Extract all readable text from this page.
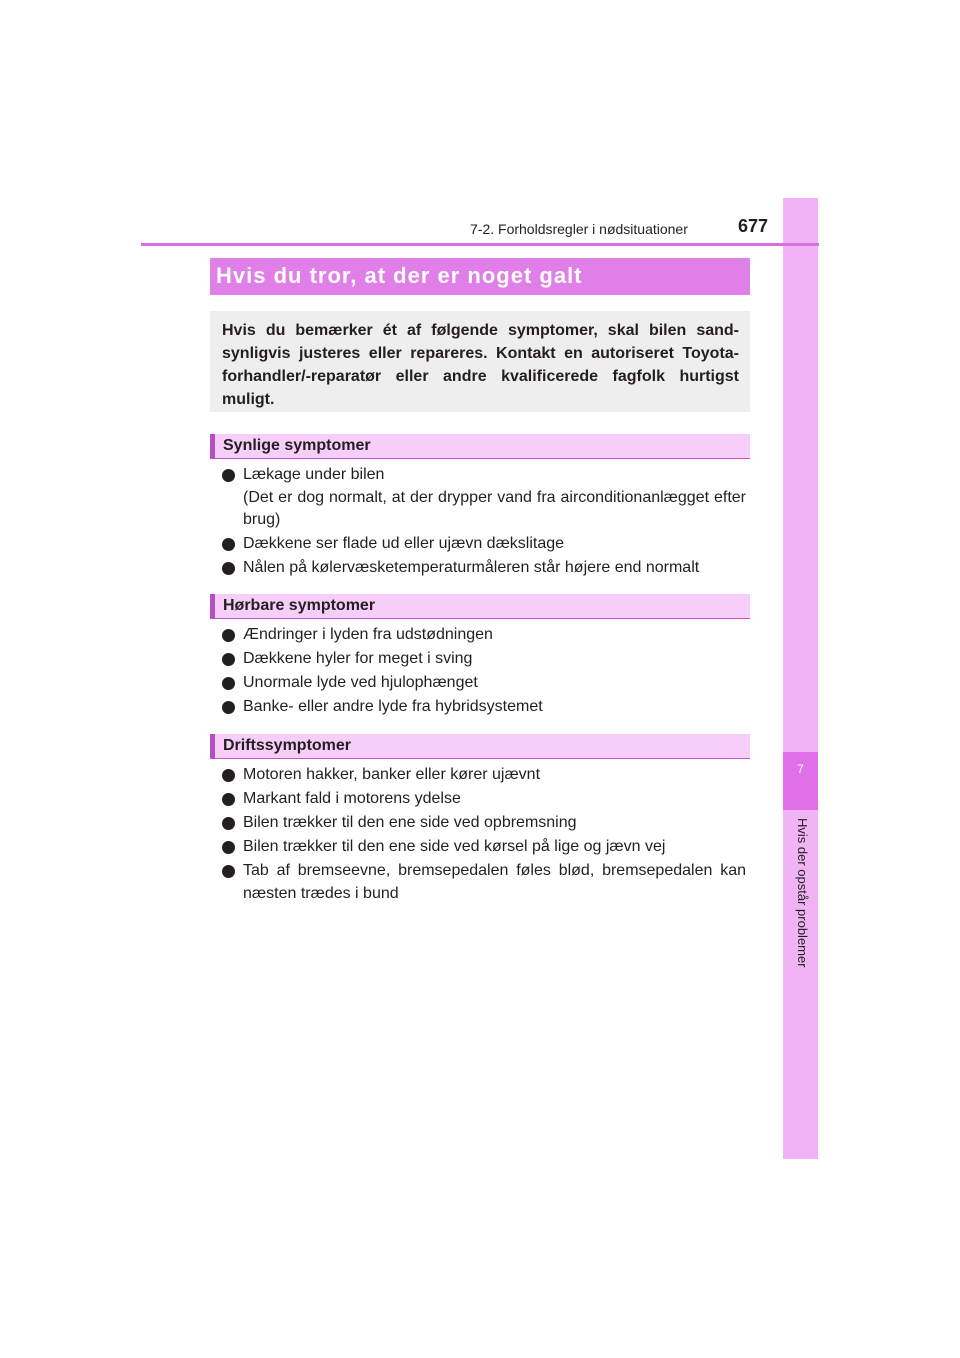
7
Hvis der opstår problemer
7-2. Forholdsregler i nødsituationer	677
Hvis du tror, at der er noget galt
Hvis du bemærker ét af følgende symptomer, skal bilen sand-synligvis justeres eller repareres. Kontakt en autoriseret Toyota-forhandler/-reparatør eller andre kvalificerede fagfolk hurtigst muligt.
Synlige symptomer
Lækage under bilen
(Det er dog normalt, at der drypper vand fra airconditionanlægget efter brug)
Dækkene ser flade ud eller ujævn dækslitage
Nålen på kølervæsketemperaturmåleren står højere end normalt
Hørbare symptomer
Ændringer i lyden fra udstødningen
Dækkene hyler for meget i sving
Unormale lyde ved hjulophænget
Banke- eller andre lyde fra hybridsystemet
Driftssymptomer
Motoren hakker, banker eller kører ujævnt
Markant fald i motorens ydelse
Bilen trækker til den ene side ved opbremsning
Bilen trækker til den ene side ved kørsel på lige og jævn vej
Tab af bremseevne, bremsepedalen føles blød, bremsepedalen kan næsten trædes i bund
